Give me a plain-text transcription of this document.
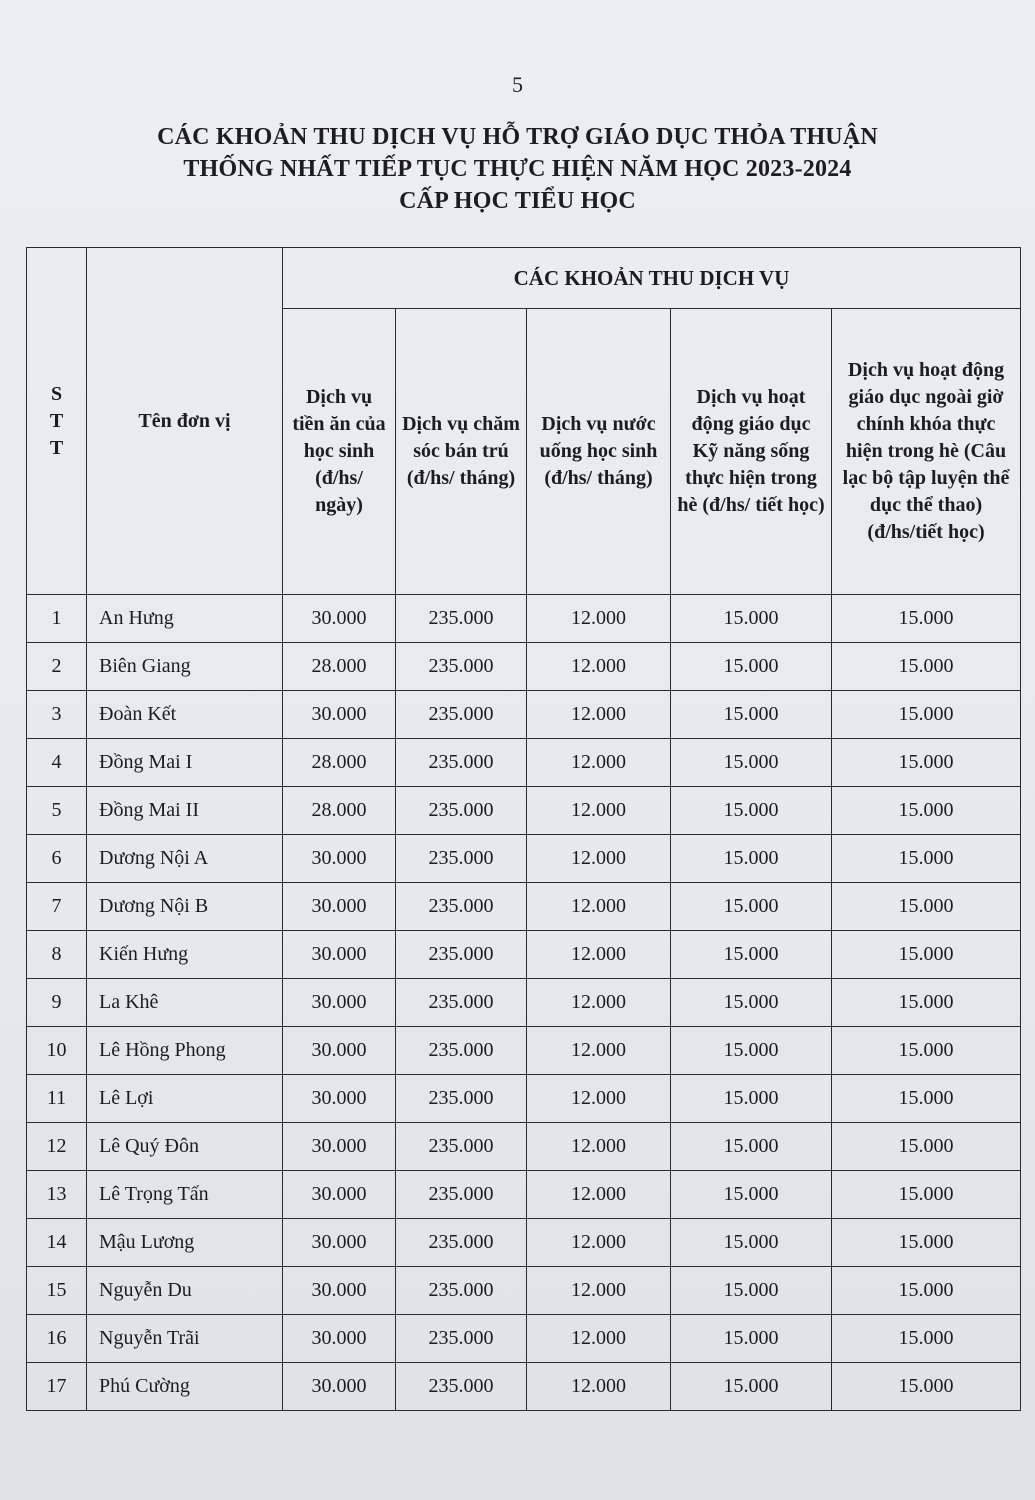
5
CÁC KHOẢN THU DỊCH VỤ HỖ TRỢ GIÁO DỤC THỎA THUẬN
THỐNG NHẤT TIẾP TỤC THỰC HIỆN NĂM HỌC 2023-2024
CẤP HỌC TIỂU HỌC
S
T
T	Tên đơn vị	CÁC KHOẢN THU DỊCH VỤ				
		Dịch vụ tiền ăn của học sinh (đ/hs/ ngày)	Dịch vụ chăm sóc bán trú (đ/hs/ tháng)	Dịch vụ nước uống học sinh (đ/hs/ tháng)	Dịch vụ hoạt động giáo dục Kỹ năng sống thực hiện trong hè (đ/hs/ tiết học)	Dịch vụ hoạt động giáo dục ngoài giờ chính khóa thực hiện trong hè (Câu lạc bộ tập luyện thể dục thể thao) (đ/hs/tiết học)
1	An Hưng	30.000	235.000	12.000	15.000	15.000
2	Biên Giang	28.000	235.000	12.000	15.000	15.000
3	Đoàn Kết	30.000	235.000	12.000	15.000	15.000
4	Đồng Mai I	28.000	235.000	12.000	15.000	15.000
5	Đồng Mai II	28.000	235.000	12.000	15.000	15.000
6	Dương Nội A	30.000	235.000	12.000	15.000	15.000
7	Dương Nội B	30.000	235.000	12.000	15.000	15.000
8	Kiến Hưng	30.000	235.000	12.000	15.000	15.000
9	La Khê	30.000	235.000	12.000	15.000	15.000
10	Lê Hồng Phong	30.000	235.000	12.000	15.000	15.000
11	Lê Lợi	30.000	235.000	12.000	15.000	15.000
12	Lê Quý Đôn	30.000	235.000	12.000	15.000	15.000
13	Lê Trọng Tấn	30.000	235.000	12.000	15.000	15.000
14	Mậu Lương	30.000	235.000	12.000	15.000	15.000
15	Nguyễn Du	30.000	235.000	12.000	15.000	15.000
16	Nguyễn Trãi	30.000	235.000	12.000	15.000	15.000
17	Phú Cường	30.000	235.000	12.000	15.000	15.000
